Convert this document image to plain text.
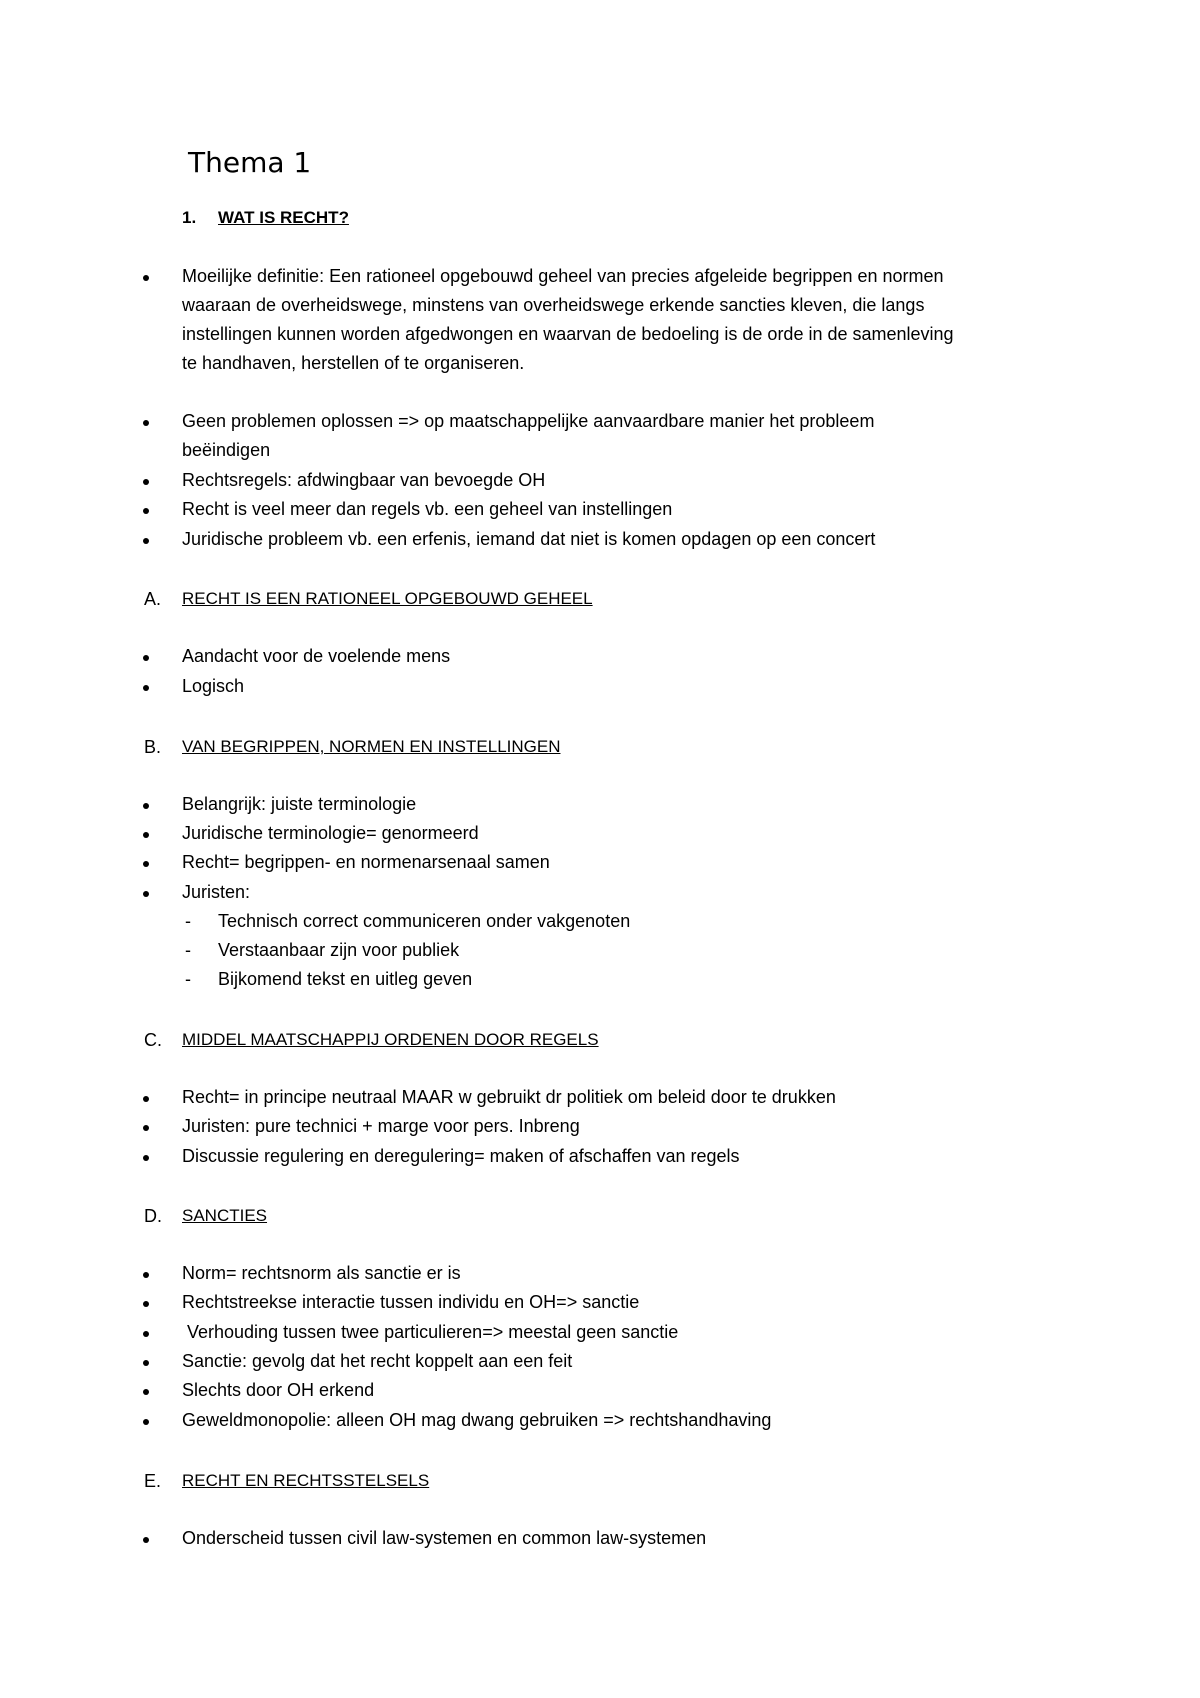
Thema 1
1. WAT IS RECHT?
Moeilijke definitie: Een rationeel opgebouwd geheel van precies afgeleide begrippen en normen
waaraan de overheidswege, minstens van overheidswege erkende sancties kleven, die langs
instellingen kunnen worden afgedwongen en waarvan de bedoeling is de orde in de samenleving
te handhaven, herstellen of te organiseren.
Geen problemen oplossen => op maatschappelijke aanvaardbare manier het probleem
beëindigen
Rechtsregels: afdwingbaar van bevoegde OH
Recht is veel meer dan regels vb. een geheel van instellingen
Juridische probleem vb. een erfenis, iemand dat niet is komen opdagen op een concert
A. RECHT IS EEN RATIONEEL OPGEBOUWD GEHEEL
Aandacht voor de voelende mens
Logisch
B. VAN BEGRIPPEN, NORMEN EN INSTELLINGEN
Belangrijk: juiste terminologie
Juridische terminologie= genormeerd
Recht= begrippen- en normenarsenaal samen
Juristen:
- Technisch correct communiceren onder vakgenoten
- Verstaanbaar zijn voor publiek
- Bijkomend tekst en uitleg geven
C. MIDDEL MAATSCHAPPIJ ORDENEN DOOR REGELS
Recht= in principe neutraal MAAR w gebruikt dr politiek om beleid door te drukken
Juristen: pure technici + marge voor pers. Inbreng
Discussie regulering en deregulering= maken of afschaffen van regels
D. SANCTIES
Norm= rechtsnorm als sanctie er is
Rechtstreekse interactie tussen individu en OH=> sanctie
Verhouding tussen twee particulieren=> meestal geen sanctie
Sanctie: gevolg dat het recht koppelt aan een feit
Slechts door OH erkend
Geweldmonopolie: alleen OH mag dwang gebruiken => rechtshandhaving
E. RECHT EN RECHTSSTELSELS
Onderscheid tussen civil law-systemen en common law-systemen
